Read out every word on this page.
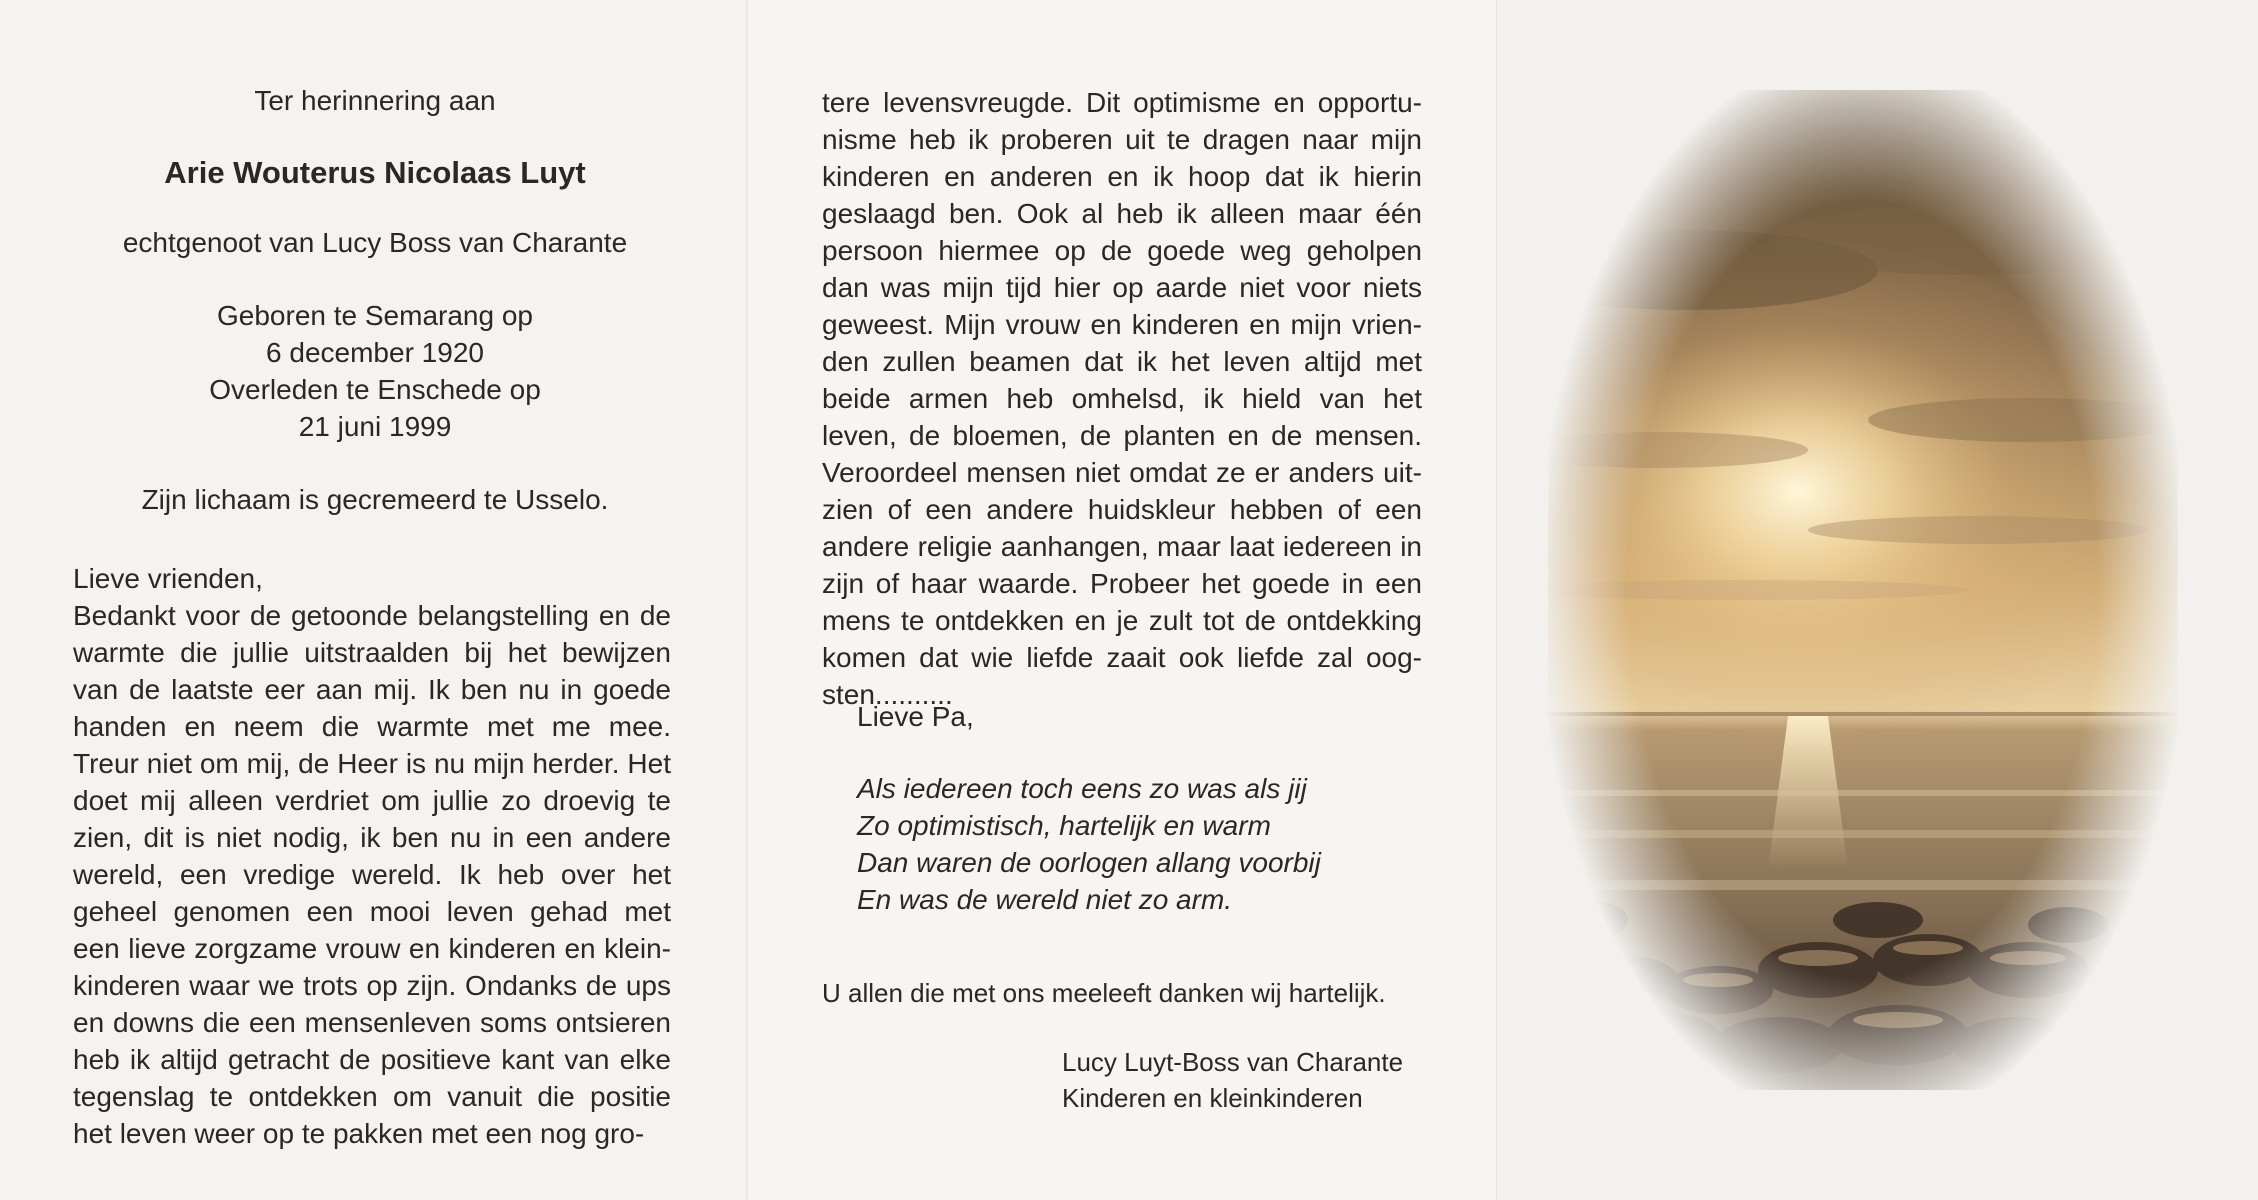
Ter herinnering aan

Arie Wouterus Nicolaas Luyt

echtgenoot van Lucy Boss van Charante

Geboren te Semarang op

6 december 1920

Overleden te Enschede op

21 juni 1999

Zijn lichaam is gecremeerd te Usselo.

Lieve vrienden,

Bedankt voor de getoonde belangstelling en de warmte die jullie uitstraalden bij het bewijzen van de laatste eer aan mij. Ik ben nu in goede handen en neem die warmte met me mee. Treur niet om mij, de Heer is nu mijn herder. Het doet mij alleen verdriet om jullie zo droevig te zien, dit is niet nodig, ik ben nu in een andere wereld, een vredige wereld. Ik heb over het geheel genomen een mooi leven gehad met een lieve zorgzame vrouw en kinderen en kleinkinderen waar we trots op zijn. Ondanks de ups en downs die een mensenleven soms ontsieren heb ik altijd getracht de positieve kant van elke tegenslag te ontdekken om vanuit die positie het leven weer op te pakken met een nog gro-

tere levensvreugde. Dit optimisme en opportunisme heb ik proberen uit te dragen naar mijn kinderen en anderen en ik hoop dat ik hierin geslaagd ben. Ook al heb ik alleen maar één persoon hiermee op de goede weg geholpen dan was mijn tijd hier op aarde niet voor niets geweest. Mijn vrouw en kinderen en mijn vrienden zullen beamen dat ik het leven altijd met beide armen heb omhelsd, ik hield van het leven, de bloemen, de planten en de mensen. Veroordeel mensen niet omdat ze er anders uitzien of een andere huidskleur hebben of een andere religie aanhangen, maar laat iedereen in zijn of haar waarde. Probeer het goede in een mens te ontdekken en je zult tot de ontdekking komen dat wie liefde zaait ook liefde zal oogsten..........

Lieve Pa,

Als iedereen toch eens zo was als jij

Zo optimistisch, hartelijk en warm

Dan waren de oorlogen allang voorbij

En was de wereld niet zo arm.

U allen die met ons meeleeft danken wij hartelijk.

Lucy Luyt-Boss van Charante

Kinderen en kleinkinderen
